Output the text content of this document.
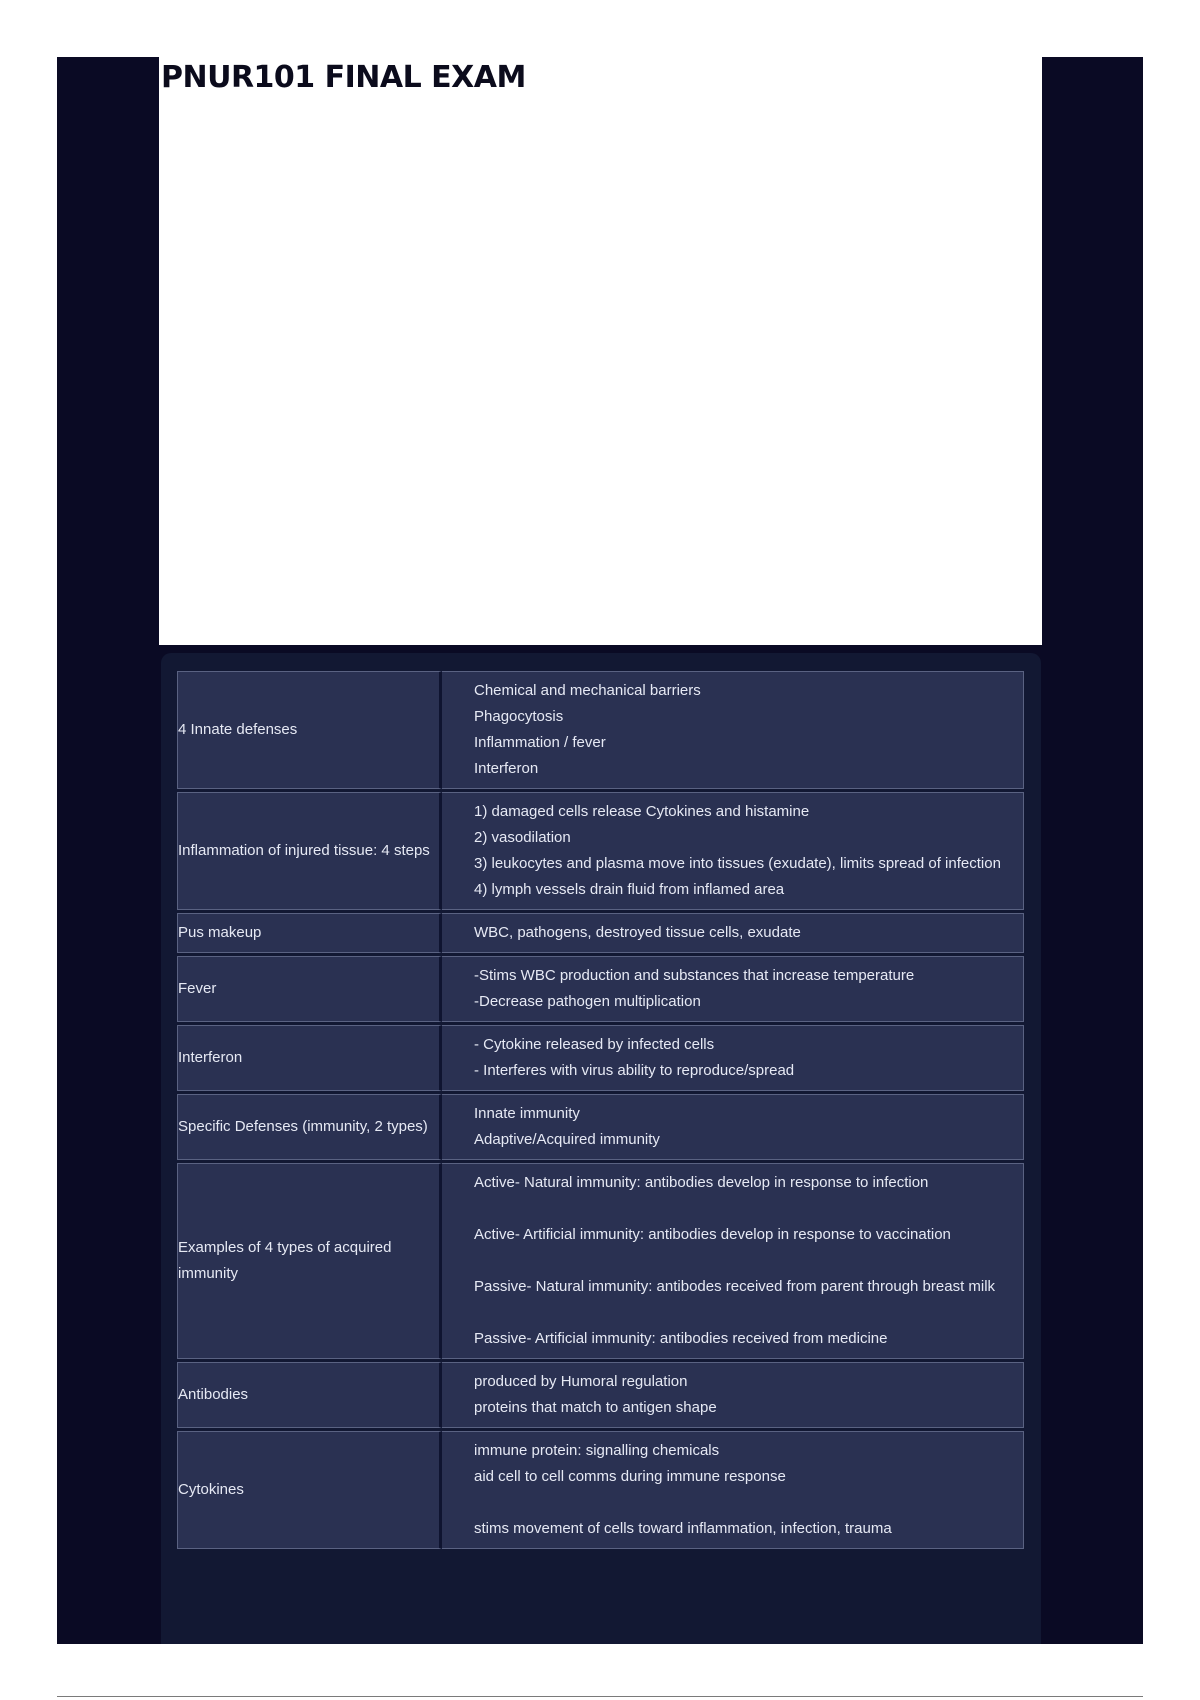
PNUR101 FINAL EXAM
4 Innate defenses	Chemical and mechanical barriers
Phagocytosis
Inflammation / fever
Interferon

Inflammation of injured tissue: 4 steps	1) damaged cells release Cytokines and histamine
2) vasodilation
3) leukocytes and plasma move into tissues (exudate), limits spread of infection
4) lymph vessels drain fluid from inflamed area

Pus makeup	WBC, pathogens, destroyed tissue cells, exudate

Fever	-Stims WBC production and substances that increase temperature
-Decrease pathogen multiplication

Interferon	- Cytokine released by infected cells
- Interferes with virus ability to reproduce/spread

Specific Defenses (immunity, 2 types)	Innate immunity
Adaptive/Acquired immunity

Examples of 4 types of acquired immunity	Active- Natural immunity: antibodies develop in response to infection
Active- Artificial immunity: antibodies develop in response to vaccination
Passive- Natural immunity: antibodes received from parent through breast milk
Passive- Artificial immunity: antibodies received from medicine

Antibodies	produced by Humoral regulation
proteins that match to antigen shape

Cytokines	immune protein: signalling chemicals
aid cell to cell comms during immune response
stims movement of cells toward inflammation, infection, trauma
